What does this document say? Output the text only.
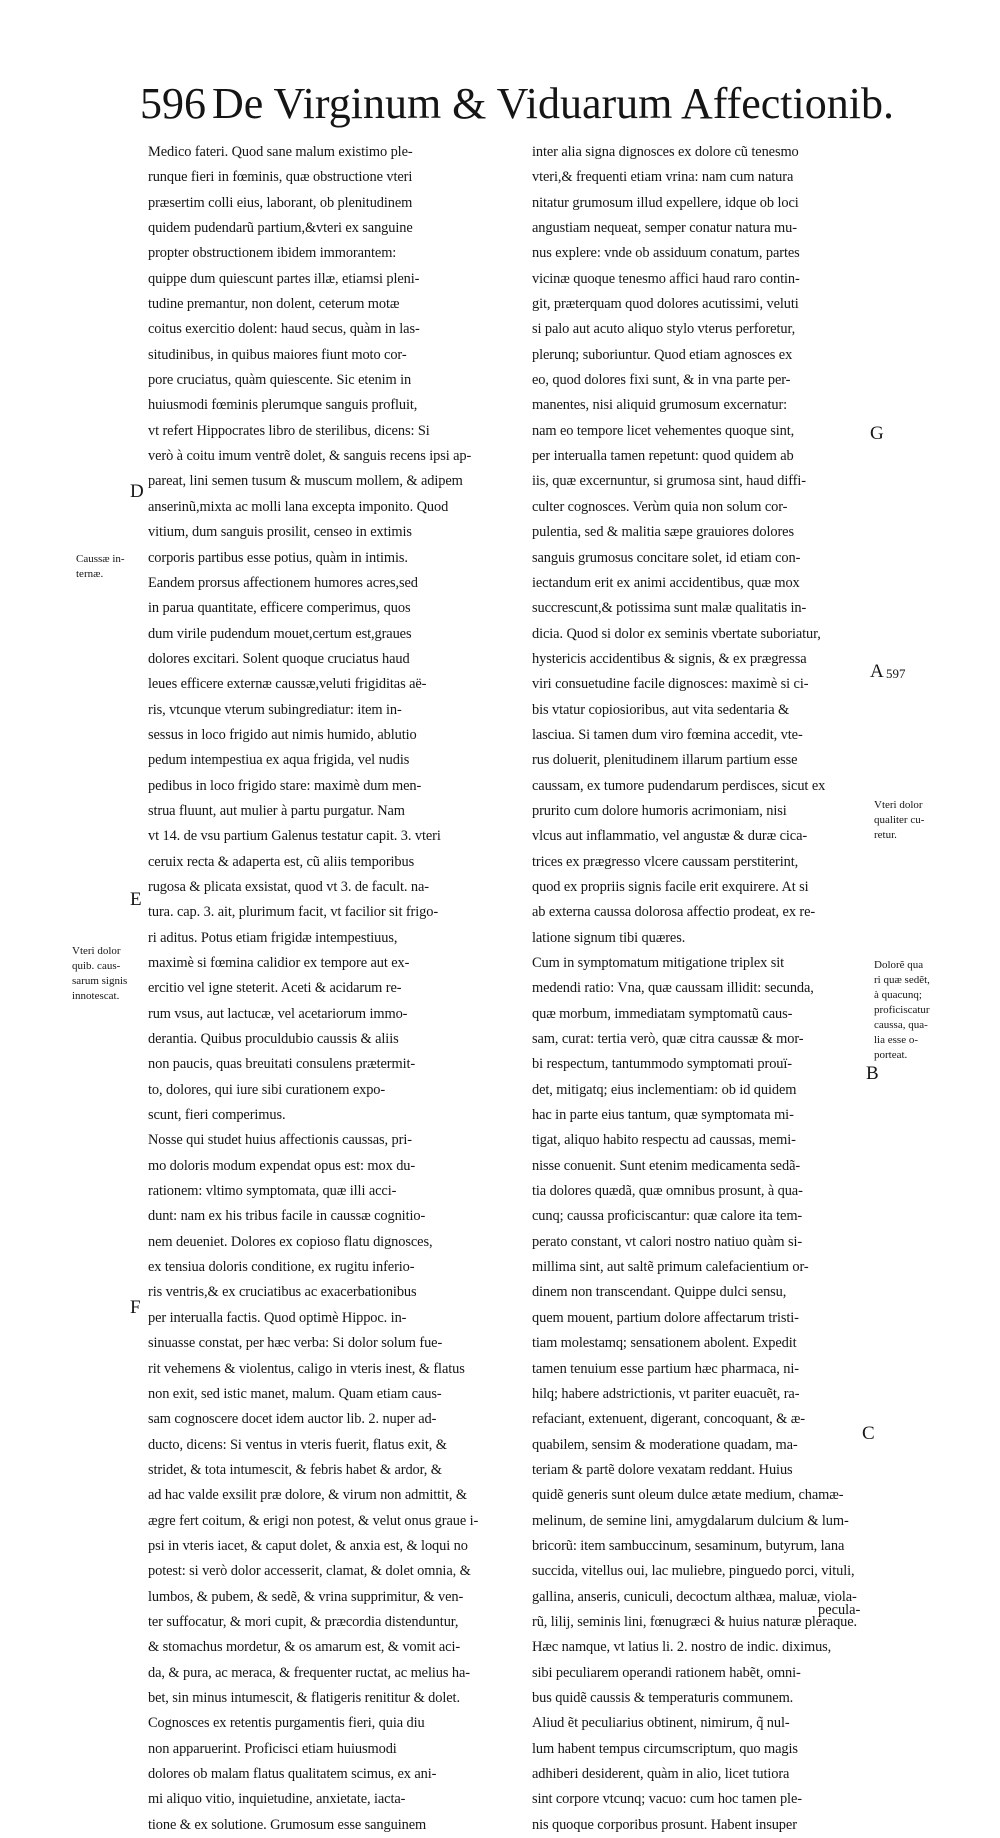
596 De Virginum & Viduarum Affectionib.
Medico fateri. Quod sane malum existimo ple-
runque fieri in fœminis, quæ obstructione vteri
præsertim colli eius, laborant, ob plenitudinem
quidem pudendarũ partium,&vteri ex sanguine
propter obstructionem ibidem immorantem:
quippe dum quiescunt partes illæ, etiamsi pleni-
tudine premantur, non dolent, ceterum motæ
coitus exercitio dolent: haud secus, quàm in las-
situdinibus, in quibus maiores fiunt moto cor-
pore cruciatus, quàm quiescente. Sic etenim in
huiusmodi fœminis plerumque sanguis profluit,
vt refert Hippocrates libro de sterilibus, dicens: Si
verò à coitu imum ventrẽ dolet, & sanguis recens ipsi ap-
pareat, lini semen tusum & muscum mollem, & adipem
anserinũ,mixta ac molli lana excepta imponito. Quod
vitium, dum sanguis prosilit, censeo in extimis
corporis partibus esse potius, quàm in intimis.
Eandem prorsus affectionem humores acres,sed
in parua quantitate, efficere comperimus, quos
dum virile pudendum mouet,certum est,graues
dolores excitari. Solent quoque cruciatus haud
leues efficere externæ caussæ,veluti frigiditas aë-
ris, vtcunque vterum subingrediatur: item in-
sessus in loco frigido aut nimis humido, ablutio
pedum intempestiua ex aqua frigida, vel nudis
pedibus in loco frigido stare: maximè dum men-
strua fluunt, aut mulier à partu purgatur. Nam
vt 14. de vsu partium Galenus testatur capit. 3. vteri
ceruix recta & adaperta est, cũ aliis temporibus
rugosa & plicata exsistat, quod vt 3. de facult. na-
tura. cap. 3. ait, plurimum facit, vt facilior sit frigo-
ri aditus. Potus etiam frigidæ intempestiuus,
maximè si fœmina calidior ex tempore aut ex-
ercitio vel igne steterit. Aceti & acidarum re-
rum vsus, aut lactucæ, vel acetariorum immo-
derantia. Quibus proculdubio caussis & aliis
non paucis, quas breuitati consulens prætermit-
to, dolores, qui iure sibi curationem expo-
scunt, fieri comperimus.
Nosse qui studet huius affectionis caussas, pri-
mo doloris modum expendat opus est: mox du-
rationem: vltimo symptomata, quæ illi acci-
dunt: nam ex his tribus facile in caussæ cognitio-
nem deueniet. Dolores ex copioso flatu dignosces,
ex tensiua doloris conditione, ex rugitu inferio-
ris ventris,& ex cruciatibus ac exacerbationibus
per interualla factis. Quod optimè Hippoc. in-
sinuasse constat, per hæc verba: Si dolor solum fue-
rit vehemens & violentus, caligo in vteris inest, & flatus
non exit, sed istic manet, malum. Quam etiam caus-
sam cognoscere docet idem auctor lib. 2. nuper ad-
ducto, dicens: Si ventus in vteris fuerit, flatus exit, &
stridet, & tota intumescit, & febris habet & ardor, &
ad hac valde exsilit præ dolore, & virum non admittit, &
ægre fert coitum, & erigi non potest, & velut onus graue i-
psi in vteris iacet, & caput dolet, & anxia est, & loqui no
potest: si verò dolor accesserit, clamat, & dolet omnia, &
lumbos, & pubem, & sedẽ, & vrina supprimitur, & ven-
ter suffocatur, & mori cupit, & præcordia distenduntur,
& stomachus mordetur, & os amarum est, & vomit aci-
da, & pura, ac meraca, & frequenter ructat, ac melius ha-
bet, sin minus intumescit, & flatigeris renititur & dolet.
Cognosces ex retentis purgamentis fieri, quia diu
non apparuerint. Proficisci etiam huiusmodi
dolores ob malam flatus qualitatem scimus, ex ani-
mi aliquo vitio, inquietudine, anxietate, iacta-
tione & ex solutione. Grumosum esse sanguinem
inter alia signa dignosces ex dolore cũ tenesmo
vteri,& frequenti etiam vrina: nam cum natura
nitatur grumosum illud expellere, idque ob loci
angustiam nequeat, semper conatur natura mu-
nus explere: vnde ob assiduum conatum, partes
vicinæ quoque tenesmo affici haud raro contin-
git, præterquam quod dolores acutissimi, veluti
si palo aut acuto aliquo stylo vterus perforetur,
plerunq; suboriuntur. Quod etiam agnosces ex
eo, quod dolores fixi sunt, & in vna parte per-
manentes, nisi aliquid grumosum excernatur:
nam eo tempore licet vehementes quoque sint,
per interualla tamen repetunt: quod quidem ab
iis, quæ excernuntur, si grumosa sint, haud diffi-
culter cognosces. Verùm quia non solum cor-
pulentia, sed & malitia sæpe grauiores dolores
sanguis grumosus concitare solet, id etiam con-
iectandum erit ex animi accidentibus, quæ mox
succrescunt,& potissima sunt malæ qualitatis in-
dicia. Quod si dolor ex seminis vbertate suboriatur,
hystericis accidentibus & signis, & ex prægressa
viri consuetudine facile dignosces: maximè si ci-
bis vtatur copiosioribus, aut vita sedentaria &
lasciua. Si tamen dum viro fœmina accedit, vte-
rus doluerit, plenitudinem illarum partium esse
caussam, ex tumore pudendarum perdisces, sicut ex
prurito cum dolore humoris acrimoniam, nisi
vlcus aut inflammatio, vel angustæ & duræ cica-
trices ex prægresso vlcere caussam perstiterint,
quod ex propriis signis facile erit exquirere. At si
ab externa caussa dolorosa affectio prodeat, ex re-
latione signum tibi quæres.
Cum in symptomatum mitigatione triplex sit
medendi ratio: Vna, quæ caussam illidit: secunda,
quæ morbum, immediatam symptomatũ caus-
sam, curat: tertia verò, quæ citra caussæ & mor-
bi respectum, tantummodo symptomati prouï-
det, mitigatq; eius inclementiam: ob id quidem
hac in parte eius tantum, quæ symptomata mi-
tigat, aliquo habito respectu ad caussas, memi-
nisse conuenit. Sunt etenim medicamenta sedã-
tia dolores quædã, quæ omnibus prosunt, à qua-
cunq; caussa proficiscantur: quæ calore ita tem-
perato constant, vt calori nostro natiuo quàm si-
millima sint, aut saltẽ primum calefacientium or-
dinem non transcendant. Quippe dulci sensu,
quem mouent, partium dolore affectarum tristi-
tiam molestamq; sensationem abolent. Expedit
tamen tenuium esse partium hæc pharmaca, ni-
hilq; habere adstrictionis, vt pariter euacuẽt, ra-
refaciant, extenuent, digerant, concoquant, & æ-
quabilem, sensim & moderatione quadam, ma-
teriam & partẽ dolore vexatam reddant. Huius
quidẽ generis sunt oleum dulce ætate medium, chamæ-
melinum, de semine lini, amygdalarum dulcium & lum-
bricorũ: item sambuccinum, sesaminum, butyrum, lana
succida, vitellus oui, lac muliebre, pinguedo porci, vituli,
gallina, anseris, cuniculi, decoctum althæa, maluæ, viola-
rũ, lilij, seminis lini, fœnugræci & huius naturæ pleraque.
Hæc namque, vt latius li. 2. nostro de indic. diximus,
sibi peculiarem operandi rationem habẽt, omni-
bus quidẽ caussis & temperaturis communem.
Aliud ẽt peculiarius obtinent, nimirum, q̃ nul-
lum habent tempus circumscriptum, quo magis
adhiberi desiderent, quàm in alio, licet tutiora
sint corpore vtcunq; vacuo: cum hoc tamen ple-
nis quoque corporibus prosunt. Habent insuper
D
E
F
G
A
B
C
597
Caussæ in-
ternæ.
Vteri dolor
quib. caus-
sarum signis
innotescat.
Vteri dolor
qualiter cu-
retur.
Dolorẽ qua
ri quæ sedẽt,
à quacunq;
proficiscatur
caussa, qua-
lia esse o-
porteat.
pecula-
